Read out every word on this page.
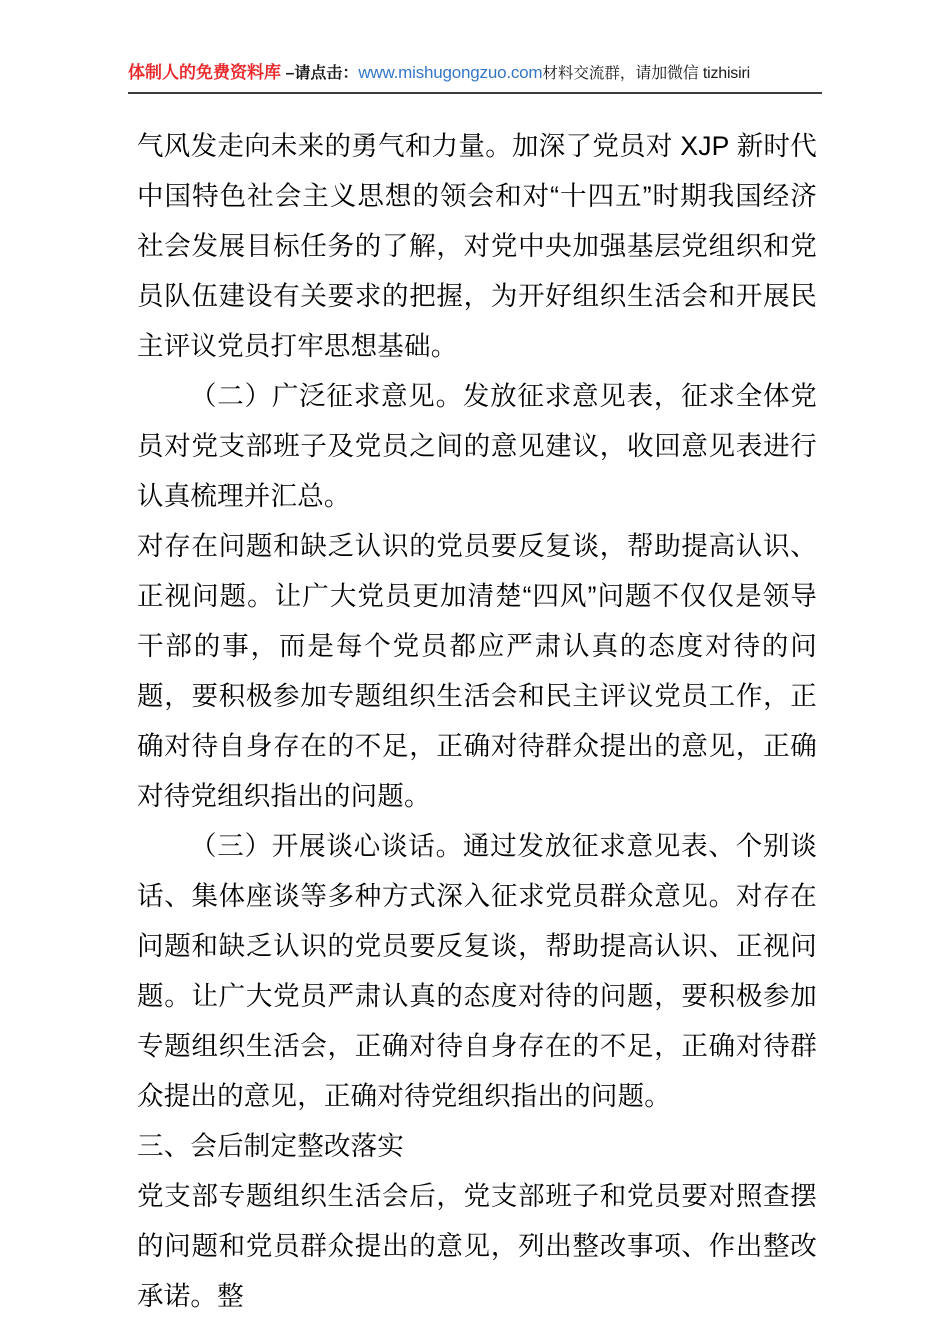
体制人的免费资料库 –请点击：www.mishugongzuo.com材料交流群，请加微信 tizhisiri

气风发走向未来的勇气和力量。加深了党员对 XJP 新时代中国特色社会主义思想的领会和对“十四五”时期我国经济社会发展目标任务的了解，对党中央加强基层党组织和党员队伍建设有关要求的把握，为开好组织生活会和开展民主评议党员打牢思想基础。

（二）广泛征求意见。发放征求意见表，征求全体党员对党支部班子及党员之间的意见建议，收回意见表进行认真梳理并汇总。

对存在问题和缺乏认识的党员要反复谈，帮助提高认识、正视问题。让广大党员更加清楚“四风”问题不仅仅是领导干部的事，而是每个党员都应严肃认真的态度对待的问题，要积极参加专题组织生活会和民主评议党员工作，正确对待自身存在的不足，正确对待群众提出的意见，正确对待党组织指出的问题。

（三）开展谈心谈话。通过发放征求意见表、个别谈话、集体座谈等多种方式深入征求党员群众意见。对存在问题和缺乏认识的党员要反复谈，帮助提高认识、正视问题。让广大党员严肃认真的态度对待的问题，要积极参加专题组织生活会，正确对待自身存在的不足，正确对待群众提出的意见，正确对待党组织指出的问题。

三、会后制定整改落实

党支部专题组织生活会后，党支部班子和党员要对照查摆的问题和党员群众提出的意见，列出整改事项、作出整改承诺。整
